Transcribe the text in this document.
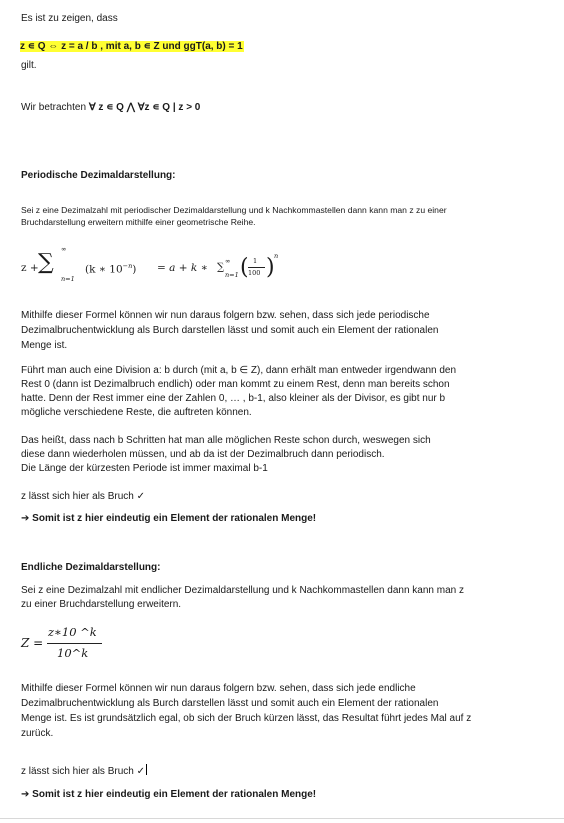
Es ist zu zeigen, dass

z ∊ Q ⇔ z = a / b , mit a, b ∊ Z und ggT(a, b) = 1

gilt.

Wir betrachten ∀ z ∊ Q ⋀ ∀z ∊ Q | z > 0

Periodische Dezimaldarstellung:

Sei z eine Dezimalzahl mit periodischer Dezimaldarstellung und k Nachkommastellen dann kann man z zu einer

Bruchdarstellung erweitern mithilfe einer geometrische Reihe.

z + ∑
∞
n=1
(k ∗ $10^{-n}) = a + k$ ∗ ∑
n=1
∞ ( 1
100 ) n

Mithilfe dieser Formel können wir nun daraus folgern bzw. sehen, dass sich jede periodische

Dezimalbruchentwicklung als Burch darstellen lässt und somit auch ein Element der rationalen

Menge ist.

Führt man auch eine Division a: b durch (mit a, b ∈ Z), dann erhält man entweder irgendwann den

Rest 0 (dann ist Dezimalbruch endlich) oder man kommt zu einem Rest, denn man bereits schon

hatte. Denn der Rest immer eine der Zahlen 0, … , b-1, also kleiner als der Divisor, es gibt nur b

mögliche verschiedene Reste, die auftreten können.

Das heißt, dass nach b Schritten hat man alle möglichen Reste schon durch, weswegen sich

diese dann wiederholen müssen, und ab da ist der Dezimalbruch dann periodisch.

Die Länge der kürzesten Periode ist immer maximal b-1

z lässt sich hier als Bruch ✓

➔ Somit ist z hier eindeutig ein Element der rationalen Menge!

Endliche Dezimaldarstellung:

Sei z eine Dezimalzahl mit endlicher Dezimaldarstellung und k Nachkommastellen dann kann man z

zu einer Bruchdarstellung erweitern.

Z =
z∗10 ^k
10^k

Mithilfe dieser Formel können wir nun daraus folgern bzw. sehen, dass sich jede endliche

Dezimalbruchentwicklung als Burch darstellen lässt und somit auch ein Element der rationalen

Menge ist. Es ist grundsätzlich egal, ob sich der Bruch kürzen lässt, das Resultat führt jedes Mal auf z

zurück.

z lässt sich hier als Bruch ✓

➔ Somit ist z hier eindeutig ein Element der rationalen Menge!
